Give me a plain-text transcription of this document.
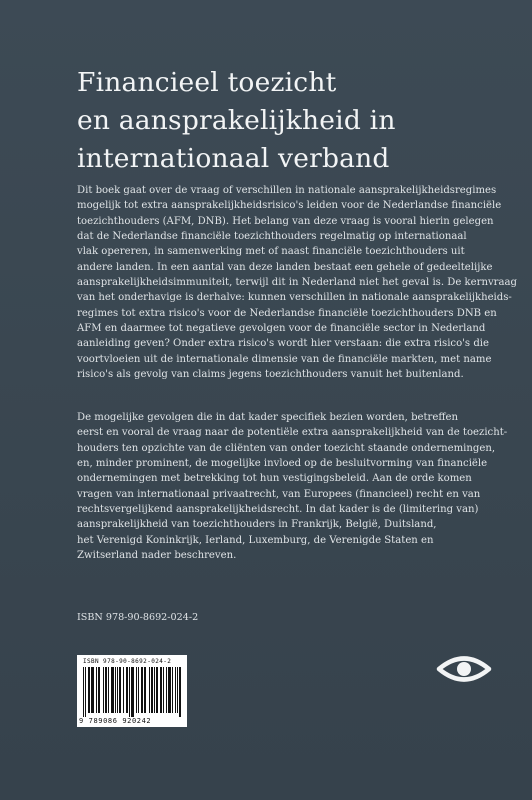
Financieel toezicht
en aansprakelijkheid in
internationaal verband
Dit boek gaat over de vraag of verschillen in nationale aansprakelijkheidsregimes
mogelijk tot extra aansprakelijkheidsrisico's leiden voor de Nederlandse financiële
toezichthouders (AFM, DNB). Het belang van deze vraag is vooral hierin gelegen
dat de Nederlandse financiële toezichthouders regelmatig op internationaal
vlak opereren, in samenwerking met of naast financiële toezichthouders uit
andere landen. In een aantal van deze landen bestaat een gehele of gedeeltelijke
aansprakelijkheidsimmuniteit, terwijl dit in Nederland niet het geval is. De kernvraag
van het onderhavige is derhalve: kunnen verschillen in nationale aansprakelijkheids-
regimes tot extra risico's voor de Nederlandse financiële toezichthouders DNB en
AFM en daarmee tot negatieve gevolgen voor de financiële sector in Nederland
aanleiding geven? Onder extra risico's wordt hier verstaan: die extra risico's die
voortvloeien uit de internationale dimensie van de financiële markten, met name
risico's als gevolg van claims jegens toezichthouders vanuit het buitenland.
De mogelijke gevolgen die in dat kader specifiek bezien worden, betreffen
eerst en vooral de vraag naar de potentiële extra aansprakelijkheid van de toezicht-
houders ten opzichte van de cliënten van onder toezicht staande ondernemingen,
en, minder prominent, de mogelijke invloed op de besluitvorming van financiële
ondernemingen met betrekking tot hun vestigingsbeleid. Aan de orde komen
vragen van internationaal privaatrecht, van Europees (financieel) recht en van
rechtsvergelijkend aansprakelijkheidsrecht. In dat kader is de (limitering van)
aansprakelijkheid van toezichthouders in Frankrijk, België, Duitsland,
het Verenigd Koninkrijk, Ierland, Luxemburg, de Verenigde Staten en
Zwitserland nader beschreven.
ISBN 978-90-8692-024-2
ISBN 978-90-8692-024-2
9 789086 920242
